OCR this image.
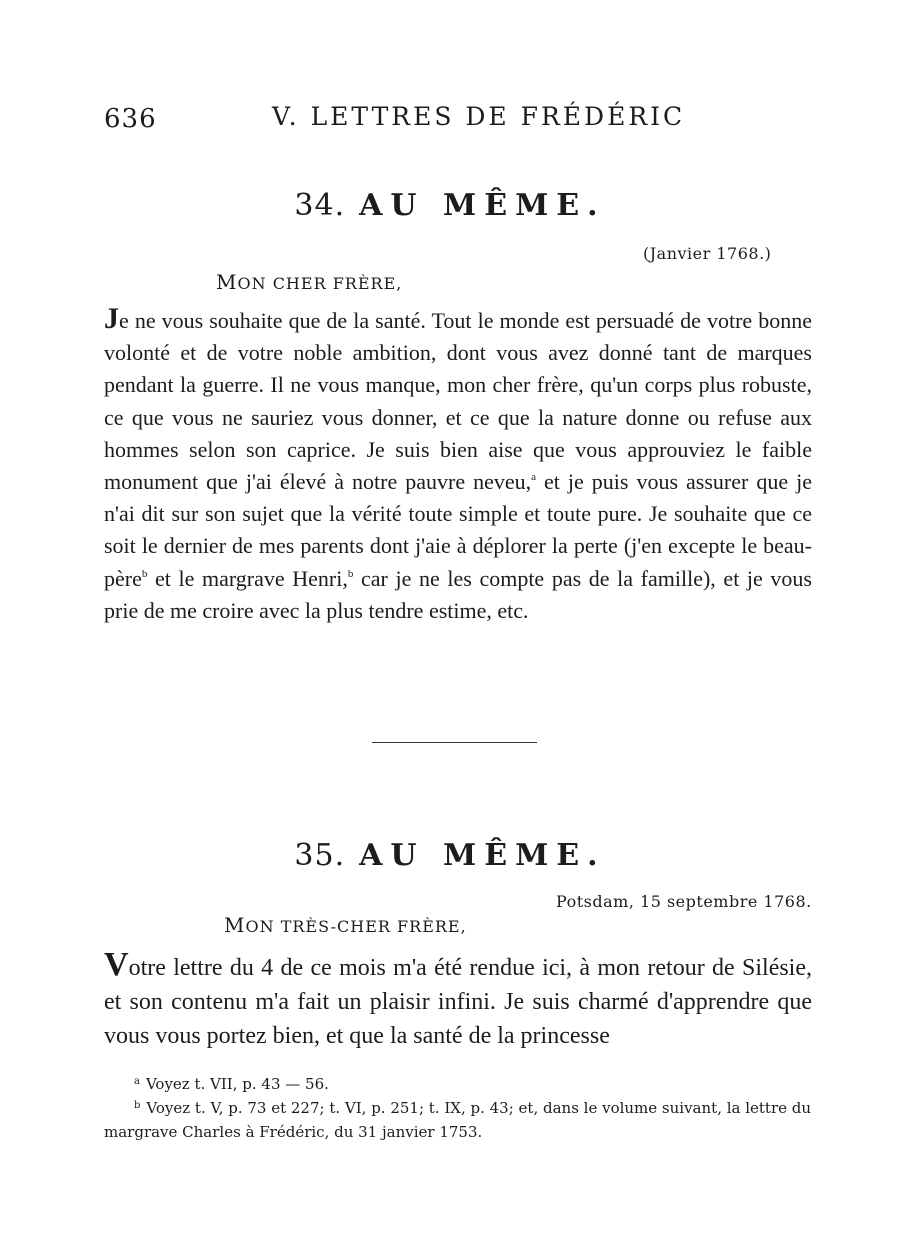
636	V. LETTRES DE FRÉDÉRIC
34. AU MÊME.
(Janvier 1768.)
MON CHER FRÈRE,
Je ne vous souhaite que de la santé. Tout le monde est persuadé de votre bonne volonté et de votre noble ambition, dont vous avez donné tant de marques pendant la guerre. Il ne vous manque, mon cher frère, qu'un corps plus robuste, ce que vous ne sauriez vous donner, et ce que la nature donne ou refuse aux hommes selon son caprice. Je suis bien aise que vous approuviez le faible monument que j'ai élevé à notre pauvre neveu,$^a$ et je puis vous assurer que je n'ai dit sur son sujet que la vérité toute simple et toute pure. Je souhaite que ce soit le dernier de mes parents dont j'aie à déplorer la perte (j'en excepte le beau-père$^b$ et le margrave Henri,$^b$ car je ne les compte pas de la famille), et je vous prie de me croire avec la plus tendre estime, etc.
35. AU MÊME.
Potsdam, 15 septembre 1768.
MON TRÈS-CHER FRÈRE,
Votre lettre du 4 de ce mois m'a été rendue ici, à mon retour de Silésie, et son contenu m'a fait un plaisir infini. Je suis charmé d'apprendre que vous vous portez bien, et que la santé de la princesse
$^a$ Voyez t. VII, p. 43 — 56.
$^b$ Voyez t. V, p. 73 et 227; t. VI, p. 251; t. IX, p. 43; et, dans le volume suivant, la lettre du margrave Charles à Frédéric, du 31 janvier 1753.
